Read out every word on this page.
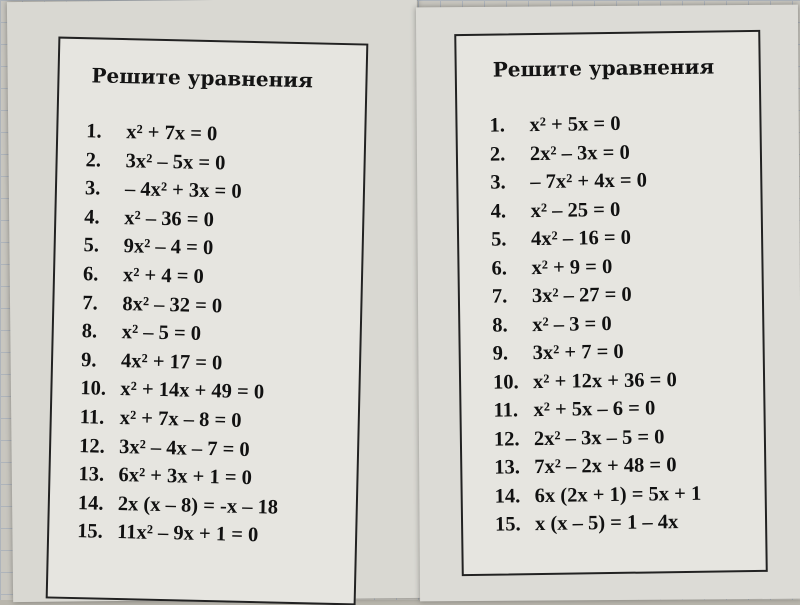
Решите уравнения
1.	x² + 7x = 0
2.	3x² – 5x = 0
3.	– 4x² + 3x = 0
4.	x² – 36 = 0
5.	9x² – 4 = 0
6.	x² + 4 = 0
7.	8x² – 32 = 0
8.	x² – 5 = 0
9.	4x² + 17 = 0
10. x² + 14x + 49 = 0
11. x² + 7x – 8 = 0
12. 3x² – 4x – 7 = 0
13. 6x² + 3x + 1 = 0
14. 2x (x – 8) = -x – 18
15. 11x² – 9x + 1 = 0
Решите уравнения
1.	x² + 5x = 0
2.	2x² – 3x = 0
3.	– 7x² + 4x = 0
4.	x² – 25 = 0
5.	4x² – 16 = 0
6.	x² + 9 = 0
7.	3x² – 27 = 0
8.	x² – 3 = 0
9.	3x² + 7 = 0
10. x² + 12x + 36 = 0
11. x² + 5x – 6 = 0
12. 2x² – 3x – 5 = 0
13. 7x² – 2x + 48 = 0
14. 6x (2x + 1) = 5x + 1
15. x (x – 5) = 1 – 4x
